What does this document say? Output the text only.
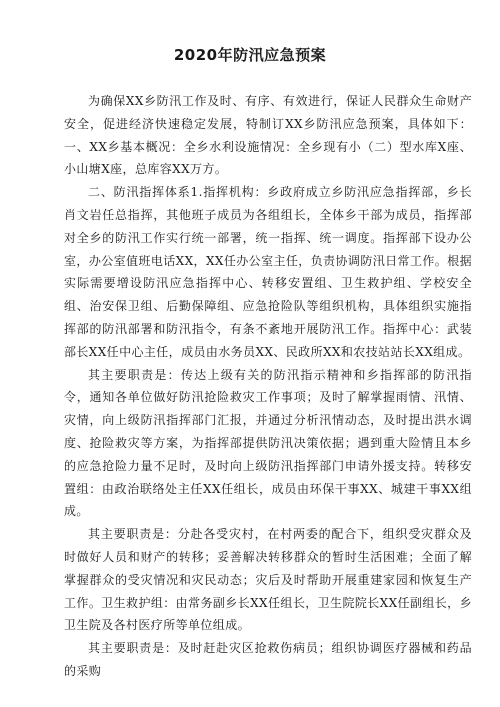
2020年防汛应急预案

为确保XX乡防汛工作及时、有序、有效进行，保证人民群众生命财产安全，促进经济快速稳定发展，特制订XX乡防汛应急预案，具体如下：一、XX乡基本概况：全乡水利设施情况：全乡现有小（二）型水库X座、小山塘X座，总库容XX万方。

二、防汛指挥体系1.指挥机构：乡政府成立乡防汛应急指挥部，乡长肖文岩任总指挥，其他班子成员为各组组长，全体乡干部为成员，指挥部对全乡的防汛工作实行统一部署，统一指挥、统一调度。指挥部下设办公室，办公室值班电话XX，XX任办公室主任，负责协调防汛日常工作。根据实际需要增设防汛应急指挥中心、转移安置组、卫生救护组、学校安全组、治安保卫组、后勤保障组、应急抢险队等组织机构，具体组织实施指挥部的防汛部署和防汛指令，有条不紊地开展防汛工作。指挥中心：武装部长XX任中心主任，成员由水务员XX、民政所XX和农技站站长XX组成。

其主要职责是：传达上级有关的防汛指示精神和乡指挥部的防汛指令，通知各单位做好防汛抢险救灾工作事项；及时了解掌握雨情、汛情、灾情，向上级防汛指挥部门汇报，并通过分析汛情动态，及时提出洪水调度、抢险救灾等方案，为指挥部提供防汛决策依据；遇到重大险情且本乡的应急抢险力量不足时，及时向上级防汛指挥部门申请外援支持。转移安置组：由政治联络处主任XX任组长，成员由环保干事XX、城建干事XX组成。

其主要职责是：分赴各受灾村，在村两委的配合下，组织受灾群众及时做好人员和财产的转移；妥善解决转移群众的暂时生活困难；全面了解掌握群众的受灾情况和灾民动态；灾后及时帮助开展重建家园和恢复生产工作。卫生救护组：由常务副乡长XX任组长，卫生院院长XX任副组长，乡卫生院及各村医疗所等单位组成。

其主要职责是：及时赶赴灾区抢救伤病员；组织协调医疗器械和药品的采购
